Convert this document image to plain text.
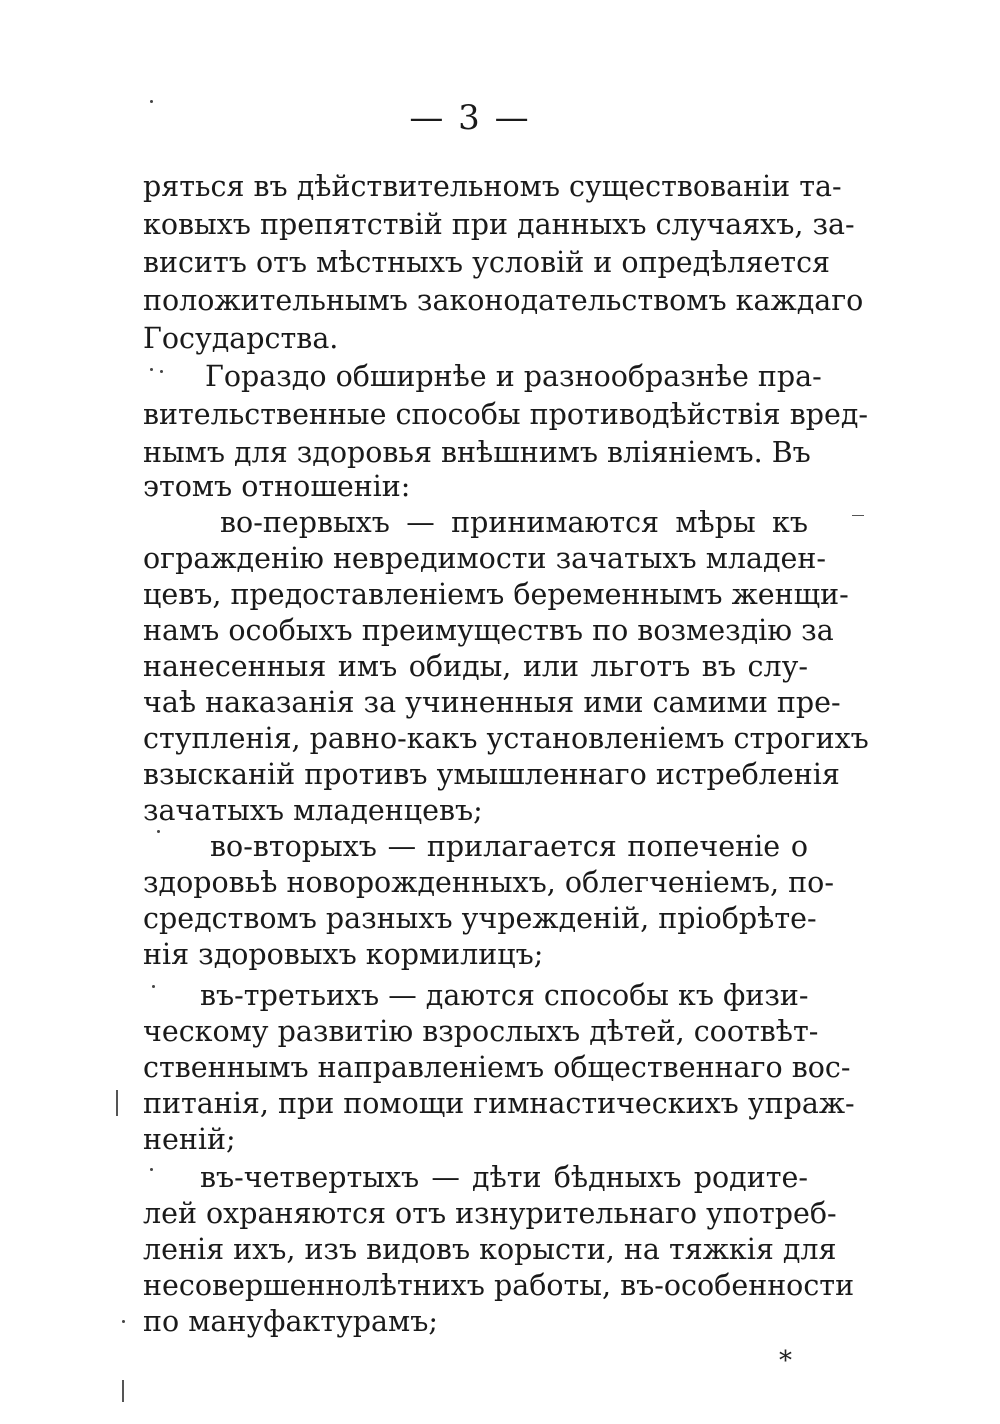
— 3 —
ряться въ дѣйствительномъ существованiи та-
ковыхъ препятствій при данныхъ случаяхъ, за-
виситъ отъ мѣстныхъ условій и опредѣляется
положительнымъ законодательствомъ каждаго
Государства.
Гораздо обширнѣе и разнообразнѣе пра-
вительственные способы противодѣйствія вред-
нымъ для здоровья внѣшнимъ вліяніемъ. Въ
этомъ отношеніи:
во-первыхъ — принимаются мѣры къ
огражденію невредимости зачатыхъ младен-
цевъ, предоставленіемъ беременнымъ женщи-
намъ особыхъ преимуществъ по возмездію за
нанесенныя имъ обиды, или льготъ въ слу-
чаѣ наказанія за учиненныя ими самими пре-
ступленія, равно-какъ установленіемъ строгихъ
взысканій противъ умышленнаго истребленія
зачатыхъ младенцевъ;
во-вторыхъ — прилагается попеченіе о
здоровьѣ новорожденныхъ, облегченіемъ, по-
средствомъ разныхъ учрежденій, пріобрѣте-
нія здоровыхъ кормилицъ;
въ-третьихъ — даются способы къ физи-
ческому развитію взрослыхъ дѣтей, соотвѣт-
ственнымъ направленіемъ общественнаго вос-
питанія, при помощи гимнастическихъ упраж-
неній;
въ-четвертыхъ — дѣти бѣдныхъ родите-
лей охраняются отъ изнурительнаго употреб-
ленія ихъ, изъ видовъ корысти, на тяжкія для
несовершеннолѣтнихъ работы, въ-особенности
по мануфактурамъ;
*
